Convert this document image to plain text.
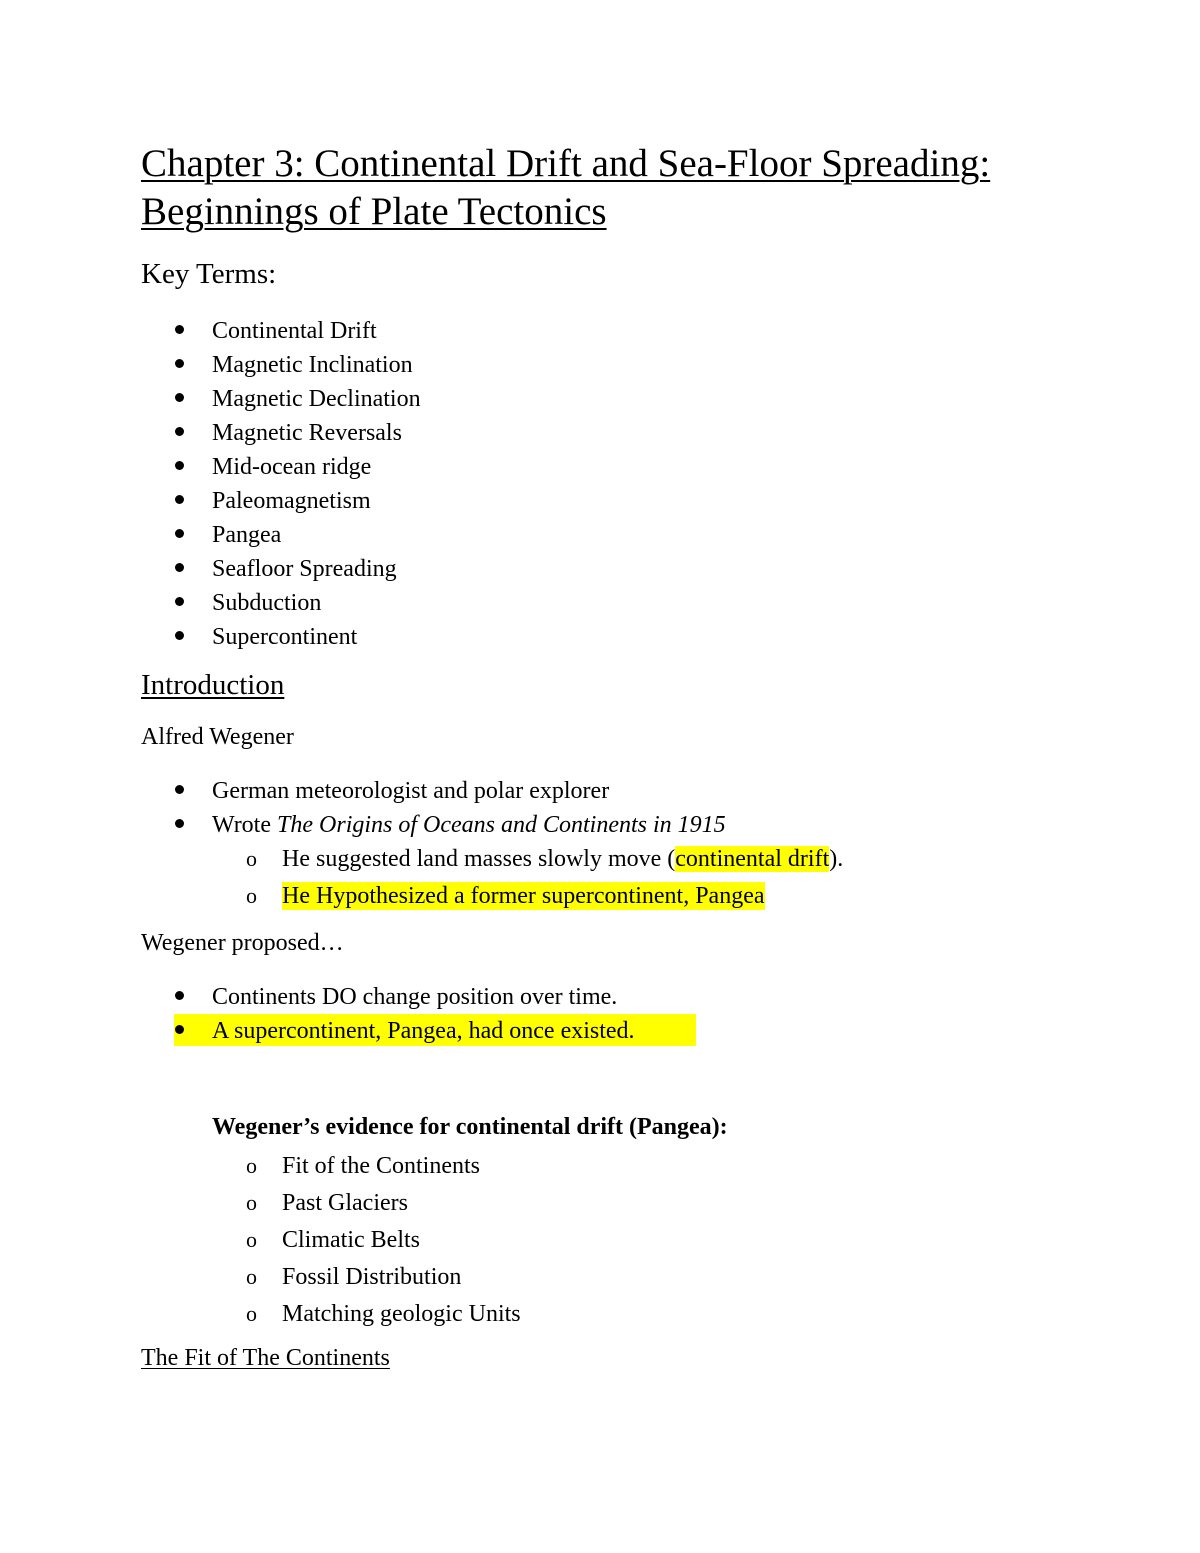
Chapter 3: Continental Drift and Sea-Floor Spreading:
Beginnings of Plate Tectonics
Key Terms:
Continental Drift
Magnetic Inclination
Magnetic Declination
Magnetic Reversals
Mid-ocean ridge
Paleomagnetism
Pangea
Seafloor Spreading
Subduction
Supercontinent
Introduction
Alfred Wegener
German meteorologist and polar explorer
Wrote The Origins of Oceans and Continents in 1915
o He suggested land masses slowly move (continental drift).
o He Hypothesized a former supercontinent, Pangea
Wegener proposed…
Continents DO change position over time.
A supercontinent, Pangea, had once existed.
Wegener’s evidence for continental drift (Pangea):
o Fit of the Continents
o Past Glaciers
o Climatic Belts
o Fossil Distribution
o Matching geologic Units
The Fit of The Continents
